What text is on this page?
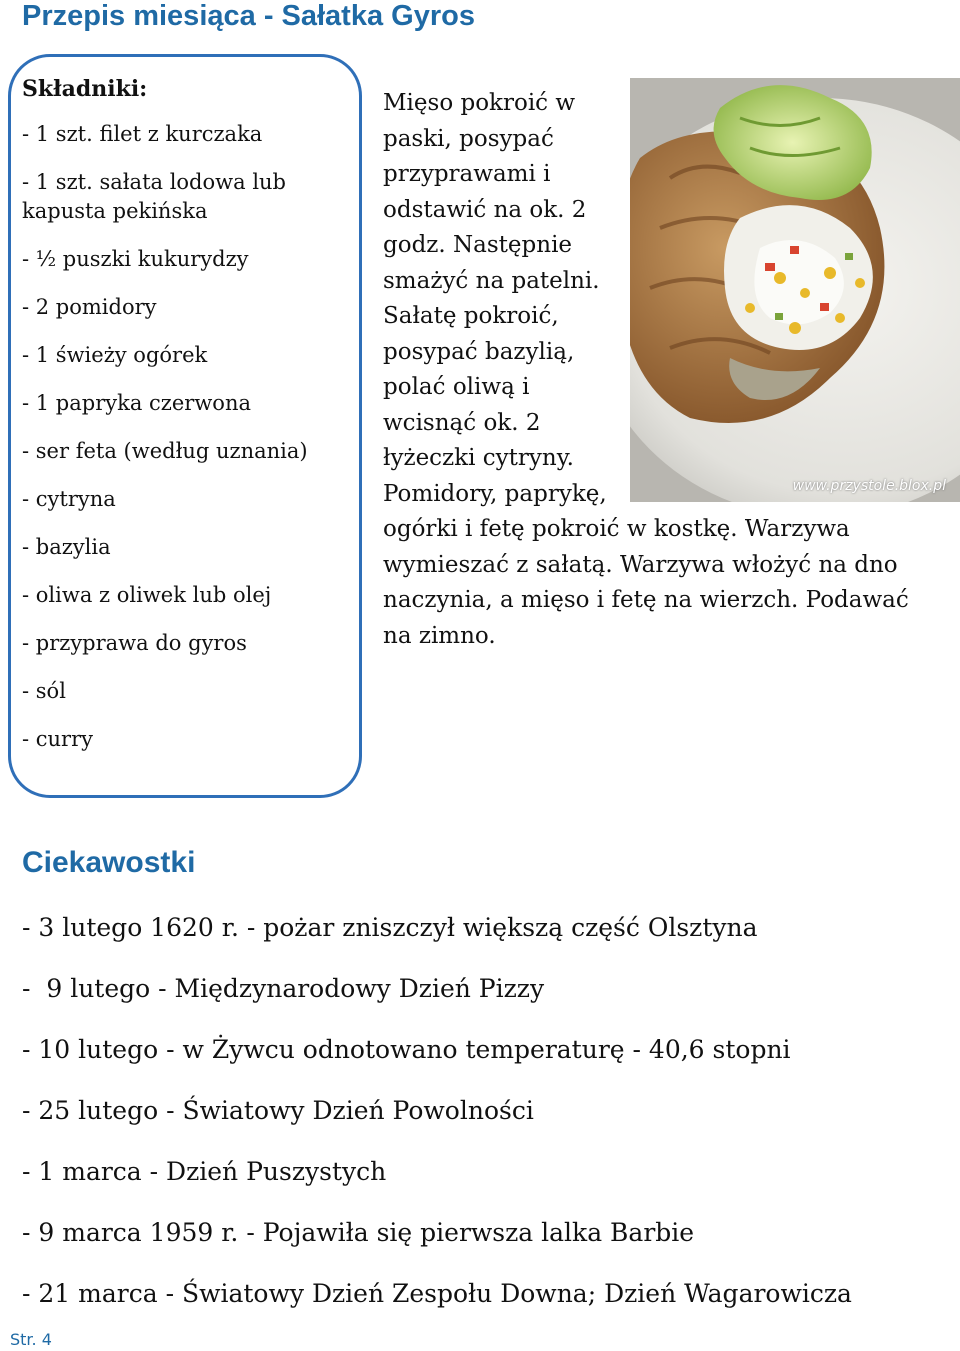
Przepis miesiąca - Sałatka Gyros
Składniki:
- 1 szt. filet z kurczaka
- 1 szt. sałata lodowa lub kapusta pekińska
- ½ puszki kukurydzy
- 2 pomidory
- 1 świeży ogórek
- 1 papryka czerwona
- ser feta (według uznania)
- cytryna
- bazylia
- oliwa z oliwek lub olej
- przyprawa do gyros
- sól
- curry
www.przystole.blox.pl

Mięso pokroić w paski, posypać przyprawami i odstawić na ok. 2 godz. Następnie smażyć na patelni. Sałatę pokroić, posypać bazylią, polać oliwą i wcisnąć ok. 2 łyżeczki cytryny. Pomidory, paprykę, ogórki i fetę pokroić w kostkę. Warzywa wymieszać z sałatą. Warzywa włożyć na dno naczynia, a mięso i fetę na wierzch. Podawać na zimno.

Ciekawostki
- 3 lutego 1620 r. - pożar zniszczył większą część Olsztyna
-  9 lutego - Międzynarodowy Dzień Pizzy
- 10 lutego - w Żywcu odnotowano temperaturę - 40,6 stopni
- 25 lutego - Światowy Dzień Powolności
- 1 marca - Dzień Puszystych
- 9 marca 1959 r. - Pojawiła się pierwsza lalka Barbie
- 21 marca - Światowy Dzień Zespołu Downa; Dzień Wagarowicza
Str. 4
